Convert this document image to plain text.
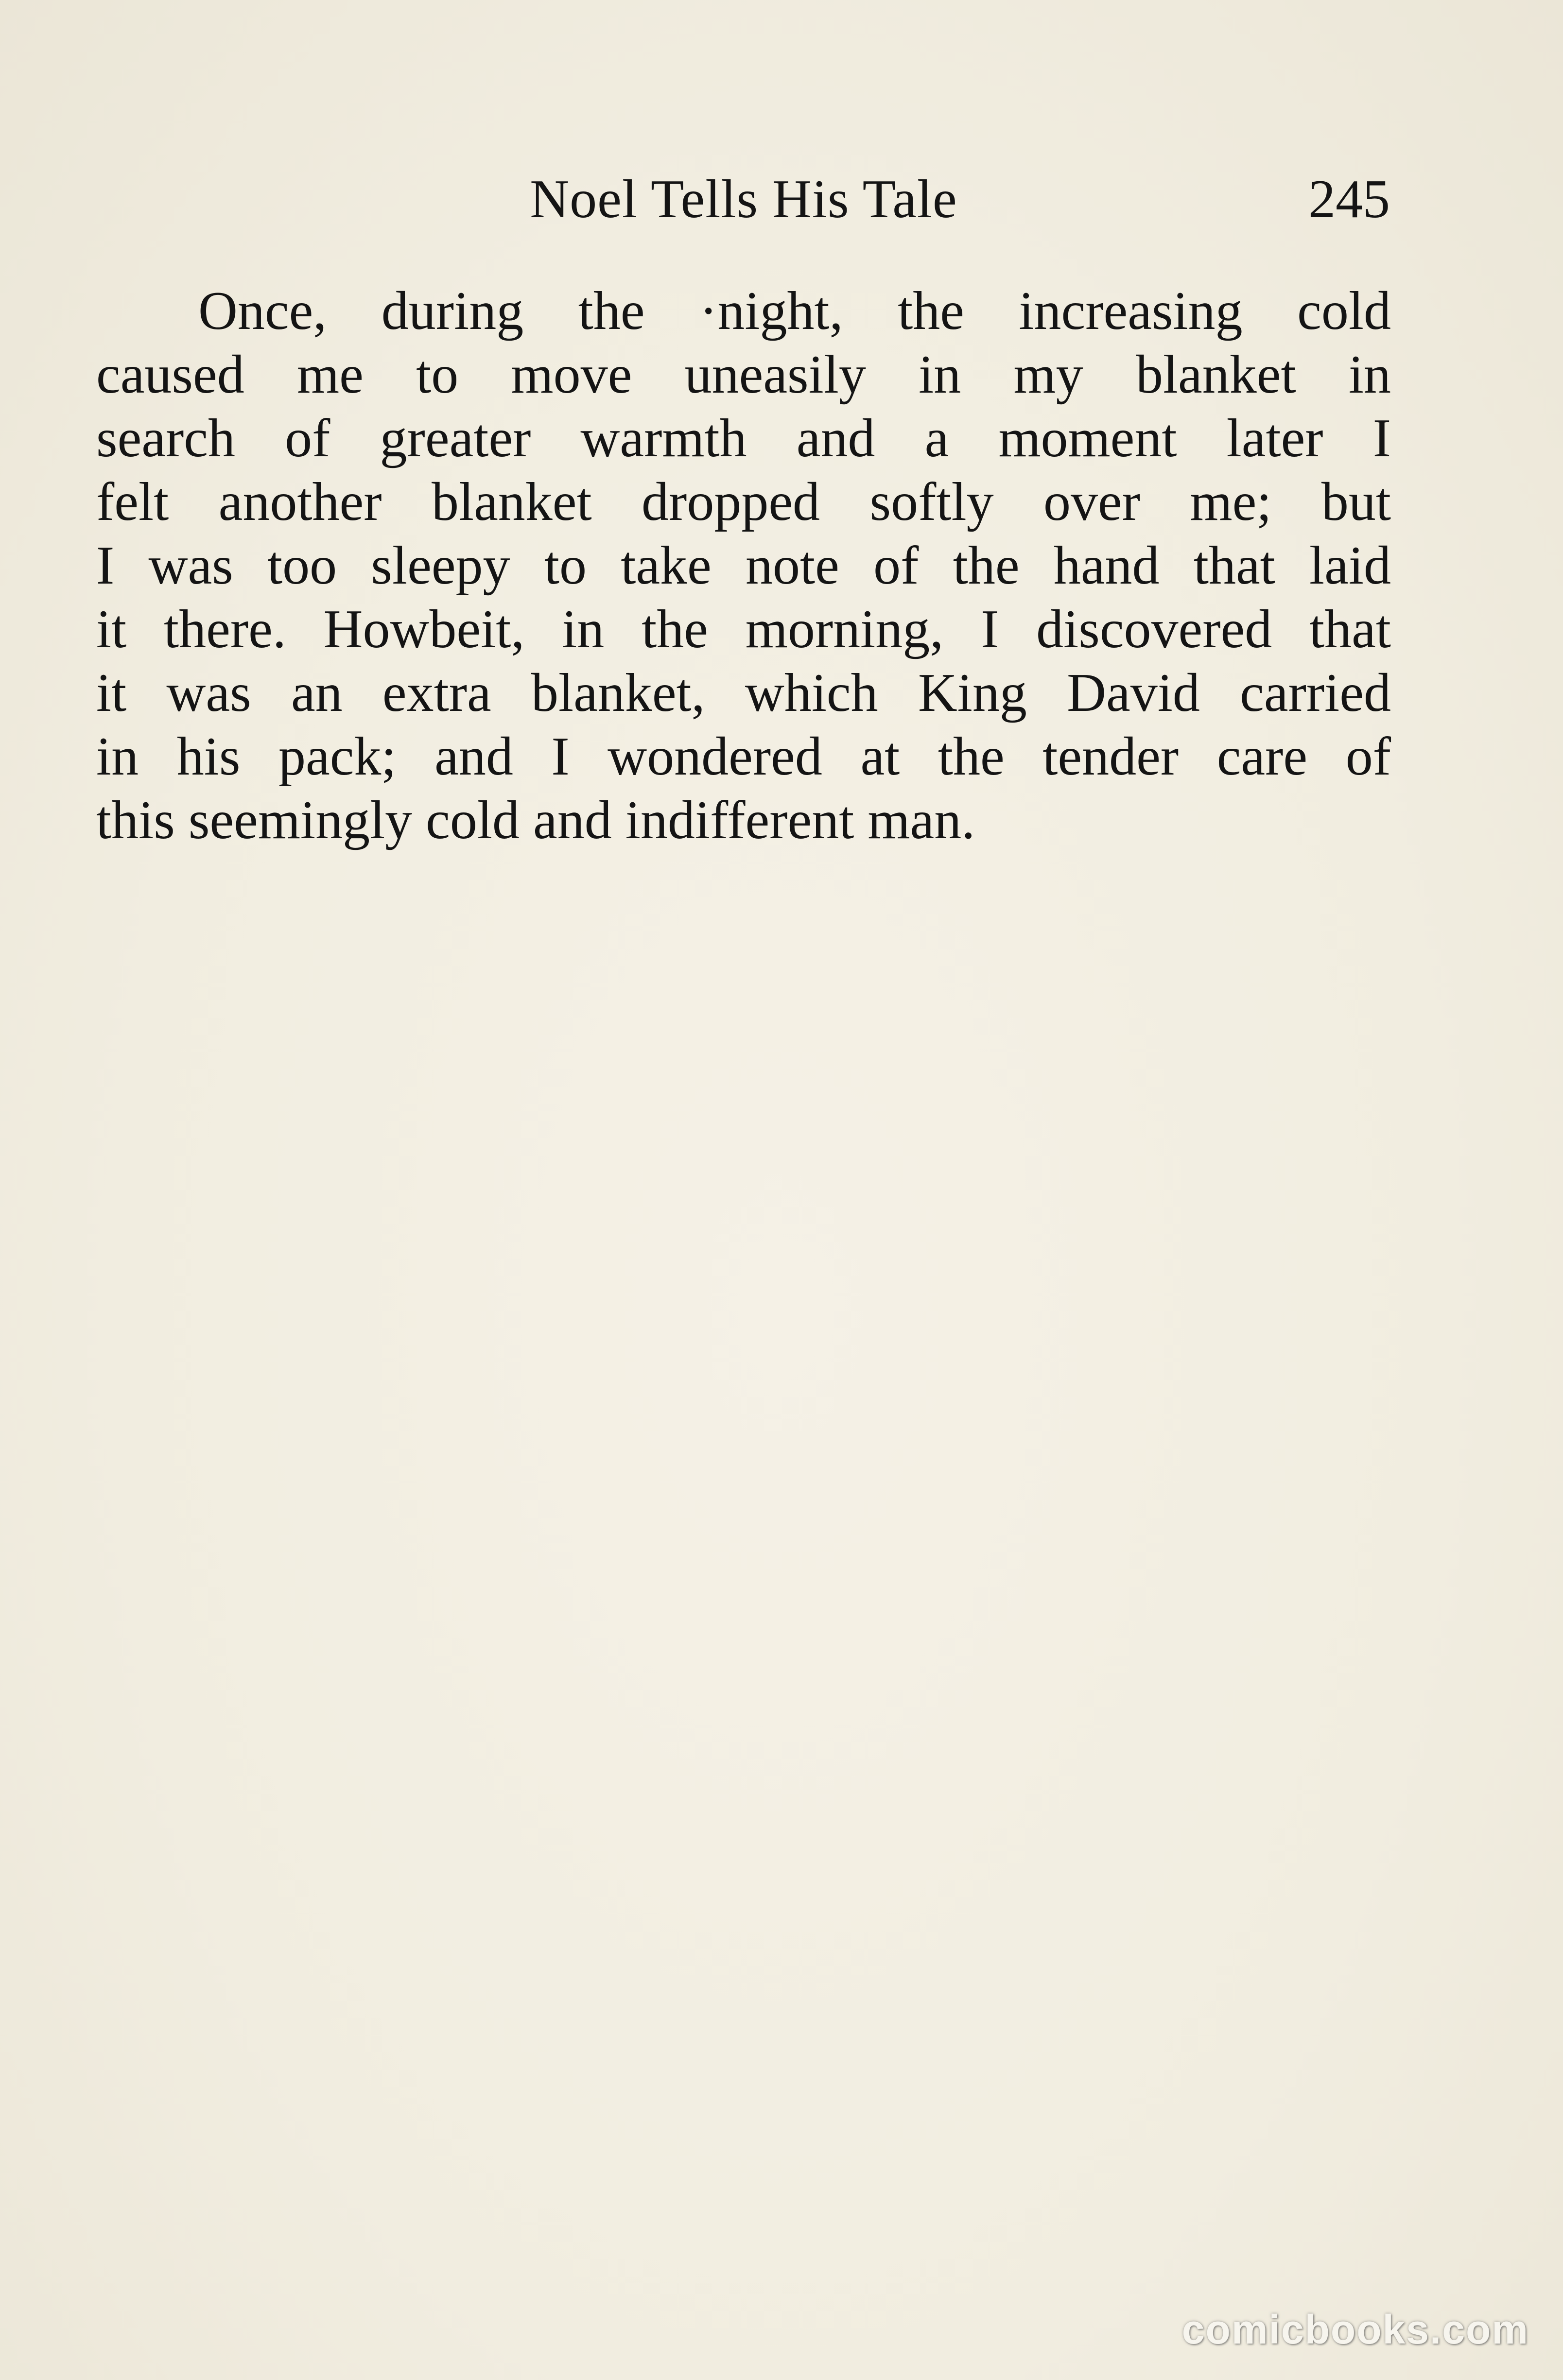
Noel Tells His Tale	245
Once, during the ·night, the increasing cold
caused me to move uneasily in my blanket in
search of greater warmth and a moment later I
felt another blanket dropped softly over me; but
I was too sleepy to take note of the hand that laid
it there. Howbeit, in the morning, I discovered that
it was an extra blanket, which King David carried
in his pack; and I wondered at the tender care of
this seemingly cold and indifferent man.
comicbooks.com
